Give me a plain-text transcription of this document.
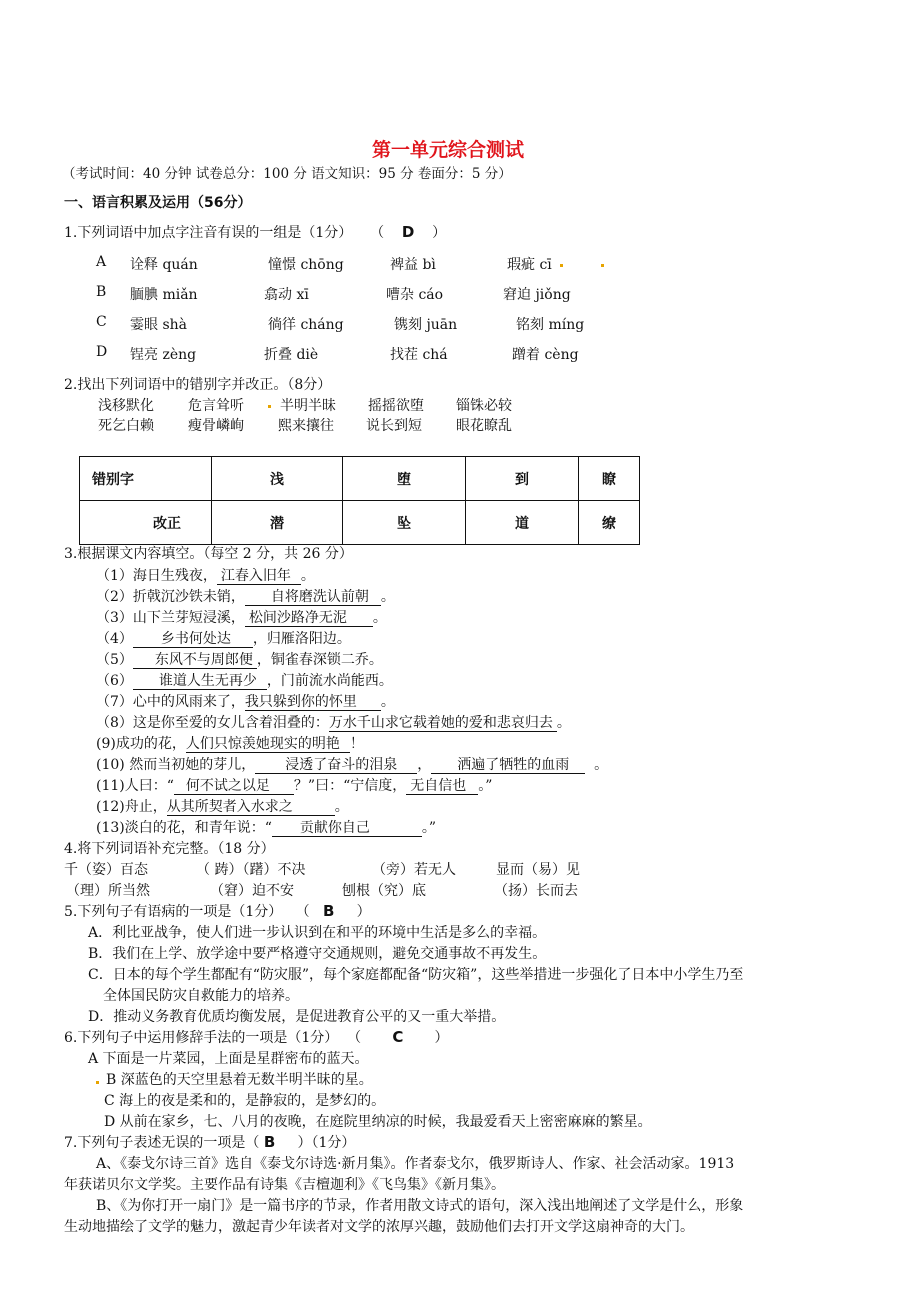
第一单元综合测试
（考试时间：40 分钟 试卷总分：100 分 语文知识：95 分 卷面分：5 分）
一、语言积累及运用（56分）
1.下列词语中加点字注音有误的一组是（1分）    （    D    ）
A 诠释 quán	憧憬 chōng	裨益 bì	瑕疵 cī
B 腼腆 miǎn	翕动 xī	嘈杂 cáo	窘迫 jiǒng
C 霎眼 shà	徜徉 cháng	镌刻 juān	铭刻 míng
D 锃亮 zèng	折叠 diè	找茬 chá	蹭着 cèng
2.找出下列词语中的错别字并改正。（8分）
浅移默化 危言耸听	半明半昧 摇摇欲堕 锱铢必较
死乞白赖 瘦骨嶙峋 熙来攘往 说长到短 眼花瞭乱
错别字	浅	堕	到	瞭
改正	潜	坠	道	缭
3.根据课文内容填空。（每空 2 分，共 26 分）
（1）海日生残夜， 江春入旧年 。
（2）折戟沉沙铁未销， 自将磨洗认前朝 。
（3）山下兰芽短浸溪， 松间沙路净无泥 。
（4） 乡书何处达 ，归雁洛阳边。
（5） 东风不与周郎便 ，铜雀春深锁二乔。
（6） 谁道人生无再少 ，门前流水尚能西。
（7）心中的风雨来了，我只躲到你的怀里 。
（8）这是你至爱的女儿含着泪叠的：万水千山求它载着她的爱和悲哀归去 。
(9)成功的花，人们只惊羡她现实的明艳 ！
(10) 然而当初她的芽儿， 浸透了奋斗的泪泉 ， 洒遍了牺牲的血雨 。
(11)人曰：“ 何不试之以足 ？”曰：“宁信度， 无自信也 。”
(12)舟止，从其所契者入水求之	。
(13)淡白的花，和青年说：“ 贡献你自己	。”
4.将下列词语补充完整。（18 分）
千（姿）百态	（ 踌）（躇）不决	（旁）若无人	显而（易）见
（理）所当然	（窘）迫不安	刨根（究）底	（扬）长而去
5.下列句子有语病的一项是（1分）   （   B     ）
A．利比亚战争，使人们进一步认识到在和平的环境中生活是多么的幸福。
B．我们在上学、放学途中要严格遵守交通规则，避免交通事故不再发生。
C．日本的每个学生都配有“防灾服”，每个家庭都配备“防灾箱”，这些举措进一步强化了日本中小学生乃至
全体国民防灾自救能力的培养。
D．推动义务教育优质均衡发展，是促进教育公平的又一重大举措。
6.下列句子中运用修辞手法的一项是（1分）  （       C       ）
A 下面是一片菜园，上面是星群密布的蓝天。
B 深蓝色的天空里悬着无数半明半昧的星。
C 海上的夜是柔和的，是静寂的，是梦幻的。
D 从前在家乡，七、八月的夜晚，在庭院里纳凉的时候，我最爱看天上密密麻麻的繁星。
7.下列句子表述无误的一项是（ B ）（1分）
A、《泰戈尔诗三首》选自《泰戈尔诗选·新月集》。作者泰戈尔，俄罗斯诗人、作家、社会活动家。1913
年获诺贝尔文学奖。主要作品有诗集《吉檀迦利》《飞鸟集》《新月集》。
B、《为你打开一扇门》是一篇书序的节录，作者用散文诗式的语句，深入浅出地阐述了文学是什么，形象
生动地描绘了文学的魅力，激起青少年读者对文学的浓厚兴趣，鼓励他们去打开文学这扇神奇的大门。
